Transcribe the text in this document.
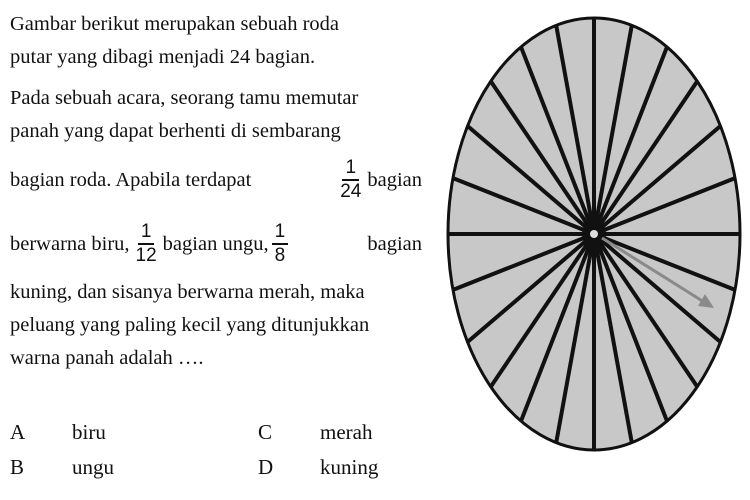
Gambar berikut merupakan sebuah roda
putar yang dibagi menjadi 24 bagian.
Pada sebuah acara, seorang tamu memutar
panah yang dapat berhenti di sembarang
bagian roda. Apabila terdapat	$\frac{1}{24}$ bagian
berwarna biru, $\frac{1}{12}$ bagian ungu, $\frac{1}{8}$	bagian
kuning, dan sisanya berwarna merah, maka
peluang yang paling kecil yang ditunjukkan
warna panah adalah ….
A biru
B ungu
C merah
D kuning
